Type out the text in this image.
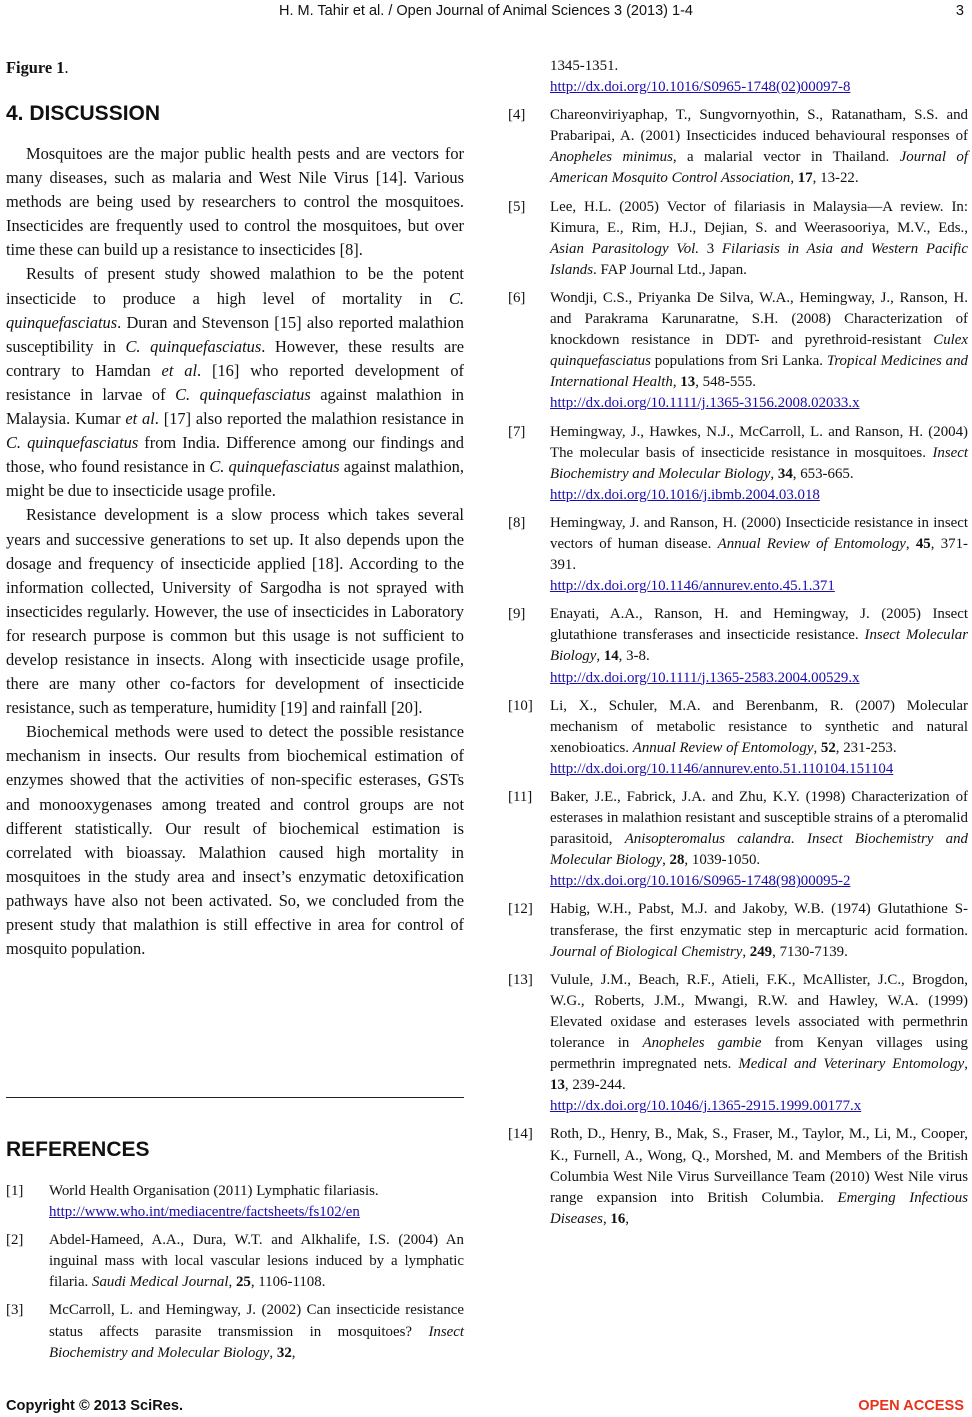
H. M. Tahir et al. / Open Journal of Animal Sciences 3 (2013) 1-4	3
Figure 1.
4. DISCUSSION

Mosquitoes are the major public health pests and are vectors for many diseases, such as malaria and West Nile Virus [14]. Various methods are being used by researchers to control the mosquitoes. Insecticides are frequently used to control the mosquitoes, but over time these can build up a resistance to insecticides [8].

Results of present study showed malathion to be the potent insecticide to produce a high level of mortality in C. quinquefasciatus. Duran and Stevenson [15] also reported malathion susceptibility in C. quinquefasciatus. However, these results are contrary to Hamdan et al. [16] who reported development of resistance in larvae of C. quinquefasciatus against malathion in Malaysia. Kumar et al. [17] also reported the malathion resistance in C. quinquefasciatus from India. Difference among our findings and those, who found resistance in C. quinquefasciatus against malathion, might be due to insecticide usage profile.

Resistance development is a slow process which takes several years and successive generations to set up. It also depends upon the dosage and frequency of insecticide applied [18]. According to the information collected, University of Sargodha is not sprayed with insecticides regularly. However, the use of insecticides in Laboratory for research purpose is common but this usage is not sufficient to develop resistance in insects. Along with insecticide usage profile, there are many other co-factors for development of insecticide resistance, such as temperature, humidity [19] and rainfall [20].

Biochemical methods were used to detect the possible resistance mechanism in insects. Our results from biochemical estimation of enzymes showed that the activities of non-specific esterases, GSTs and monooxygenases among treated and control groups are not different statistically. Our result of biochemical estimation is correlated with bioassay. Malathion caused high mortality in mosquitoes in the study area and insect’s enzymatic detoxification pathways have also not been activated. So, we concluded from the present study that malathion is still effective in area for control of mosquito population.

REFERENCES
[1] World Health Organisation (2011) Lymphatic filariasis.
http://www.who.int/mediacentre/factsheets/fs102/en
[2] Abdel-Hameed, A.A., Dura, W.T. and Alkhalife, I.S. (2004) An inguinal mass with local vascular lesions induced by a lymphatic filaria. Saudi Medical Journal, 25, 1106-1108.
[3] McCarroll, L. and Hemingway, J. (2002) Can insecticide resistance status affects parasite transmission in mosquitoes? Insect Biochemistry and Molecular Biology, 32,
1345-1351.
http://dx.doi.org/10.1016/S0965-1748(02)00097-8
[4] Chareonviriyaphap, T., Sungvornyothin, S., Ratanatham, S.S. and Prabaripai, A. (2001) Insecticides induced behavioural responses of Anopheles minimus, a malarial vector in Thailand. Journal of American Mosquito Control Association, 17, 13-22.
[5] Lee, H.L. (2005) Vector of filariasis in Malaysia—A review. In: Kimura, E., Rim, H.J., Dejian, S. and Weerasooriya, M.V., Eds., Asian Parasitology Vol. 3 Filariasis in Asia and Western Pacific Islands. FAP Journal Ltd., Japan.
[6] Wondji, C.S., Priyanka De Silva, W.A., Hemingway, J., Ranson, H. and Parakrama Karunaratne, S.H. (2008) Characterization of knockdown resistance in DDT- and pyrethroid-resistant Culex quinquefasciatus populations from Sri Lanka. Tropical Medicines and International Health, 13, 548-555.
http://dx.doi.org/10.1111/j.1365-3156.2008.02033.x
[7] Hemingway, J., Hawkes, N.J., McCarroll, L. and Ranson, H. (2004) The molecular basis of insecticide resistance in mosquitoes. Insect Biochemistry and Molecular Biology, 34, 653-665.
http://dx.doi.org/10.1016/j.ibmb.2004.03.018
[8] Hemingway, J. and Ranson, H. (2000) Insecticide resistance in insect vectors of human disease. Annual Review of Entomology, 45, 371-391.
http://dx.doi.org/10.1146/annurev.ento.45.1.371
[9] Enayati, A.A., Ranson, H. and Hemingway, J. (2005) Insect glutathione transferases and insecticide resistance. Insect Molecular Biology, 14, 3-8.
http://dx.doi.org/10.1111/j.1365-2583.2004.00529.x
[10] Li, X., Schuler, M.A. and Berenbanm, R. (2007) Molecular mechanism of metabolic resistance to synthetic and natural xenobioatics. Annual Review of Entomology, 52, 231-253.
http://dx.doi.org/10.1146/annurev.ento.51.110104.151104
[11] Baker, J.E., Fabrick, J.A. and Zhu, K.Y. (1998) Characterization of esterases in malathion resistant and susceptible strains of a pteromalid parasitoid, Anisopteromalus calandra. Insect Biochemistry and Molecular Biology, 28, 1039-1050.
http://dx.doi.org/10.1016/S0965-1748(98)00095-2
[12] Habig, W.H., Pabst, M.J. and Jakoby, W.B. (1974) Glutathione S-transferase, the first enzymatic step in mercapturic acid formation. Journal of Biological Chemistry, 249, 7130-7139.
[13] Vulule, J.M., Beach, R.F., Atieli, F.K., McAllister, J.C., Brogdon, W.G., Roberts, J.M., Mwangi, R.W. and Hawley, W.A. (1999) Elevated oxidase and esterases levels associated with permethrin tolerance in Anopheles gambie from Kenyan villages using permethrin impregnated nets. Medical and Veterinary Entomology, 13, 239-244.
http://dx.doi.org/10.1046/j.1365-2915.1999.00177.x
[14] Roth, D., Henry, B., Mak, S., Fraser, M., Taylor, M., Li, M., Cooper, K., Furnell, A., Wong, Q., Morshed, M. and Members of the British Columbia West Nile Virus Surveillance Team (2010) West Nile virus range expansion into British Columbia. Emerging Infectious Diseases, 16,
Copyright © 2013 SciRes.	OPEN ACCESS
